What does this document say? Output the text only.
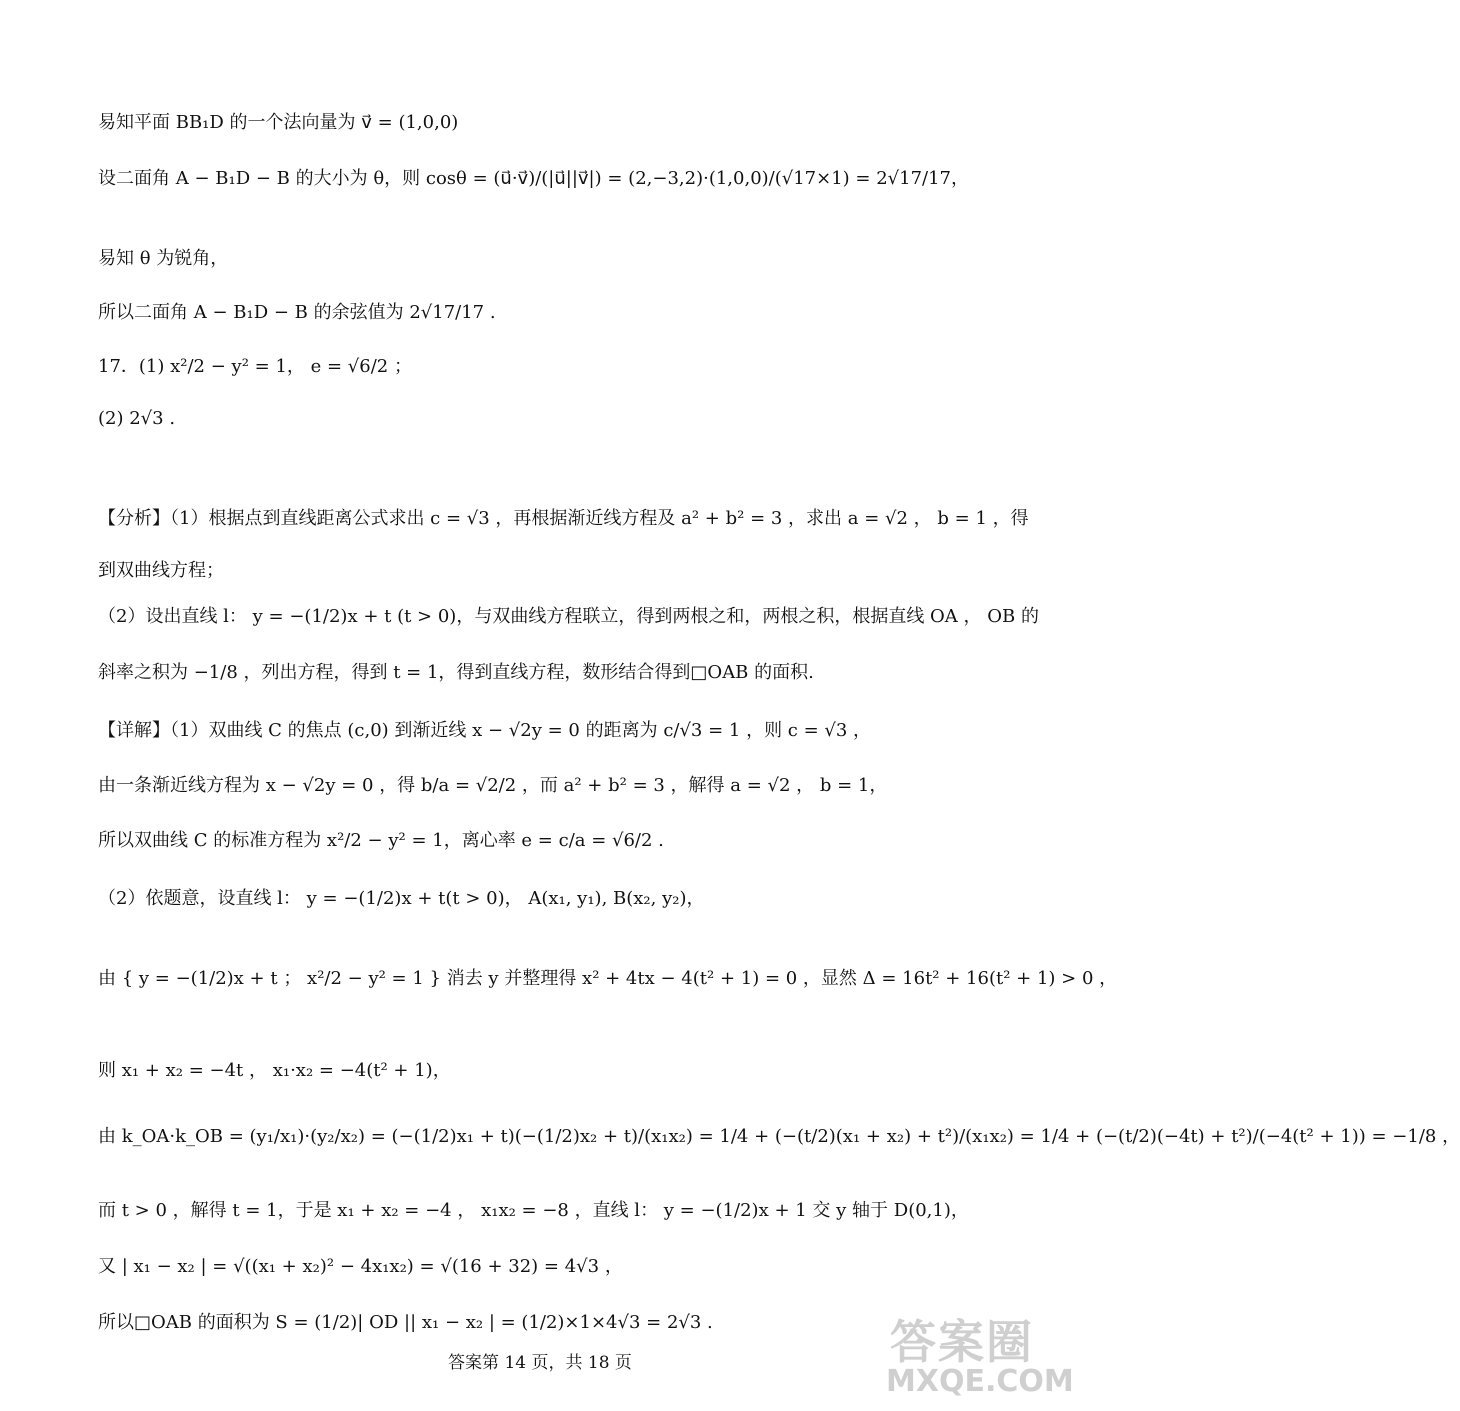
易知平面 BB₁D 的一个法向量为 v⃗ = (1,0,0)
设二面角 A − B₁D − B 的大小为 θ，则 cosθ = (u⃗·v⃗)/(|u⃗||v⃗|) = (2,−3,2)·(1,0,0)/(√17×1) = 2√17/17，
易知 θ 为锐角，
所以二面角 A − B₁D − B 的余弦值为 2√17/17 .
17．(1) x²/2 − y² = 1， e = √6/2 ；
(2) 2√3 .
【分析】（1）根据点到直线距离公式求出 c = √3 ，再根据渐近线方程及 a² + b² = 3 ，求出 a = √2 ， b = 1 ，得
到双曲线方程；
（2）设出直线 l： y = −(1/2)x + t (t > 0)，与双曲线方程联立，得到两根之和，两根之积，根据直线 OA ， OB 的
斜率之积为 −1/8 ，列出方程，得到 t = 1，得到直线方程，数形结合得到□OAB 的面积.
【详解】（1）双曲线 C 的焦点 (c,0) 到渐近线 x − √2y = 0 的距离为 c/√3 = 1 ，则 c = √3 ，
由一条渐近线方程为 x − √2y = 0 ，得 b/a = √2/2 ，而 a² + b² = 3 ，解得 a = √2 ， b = 1，
所以双曲线 C 的标准方程为 x²/2 − y² = 1，离心率 e = c/a = √6/2 .
（2）依题意，设直线 l： y = −(1/2)x + t(t > 0)， A(x₁, y₁), B(x₂, y₂)，
由 { y = −(1/2)x + t ； x²/2 − y² = 1 } 消去 y 并整理得 x² + 4tx − 4(t² + 1) = 0 ，显然 Δ = 16t² + 16(t² + 1) > 0 ，
则 x₁ + x₂ = −4t ， x₁·x₂ = −4(t² + 1)，
由 k_OA·k_OB = (y₁/x₁)·(y₂/x₂) = (−(1/2)x₁ + t)(−(1/2)x₂ + t)/(x₁x₂) = 1/4 + (−(t/2)(x₁ + x₂) + t²)/(x₁x₂) = 1/4 + (−(t/2)(−4t) + t²)/(−4(t² + 1)) = −1/8 ，
而 t > 0 ，解得 t = 1，于是 x₁ + x₂ = −4 ， x₁x₂ = −8 ，直线 l： y = −(1/2)x + 1 交 y 轴于 D(0,1)，
又 | x₁ − x₂ | = √((x₁ + x₂)² − 4x₁x₂) = √(16 + 32) = 4√3 ，
所以□OAB 的面积为 S = (1/2)| OD || x₁ − x₂ | = (1/2)×1×4√3 = 2√3 .
答案第 14 页，共 18 页	答案圈
MXQE.COM
